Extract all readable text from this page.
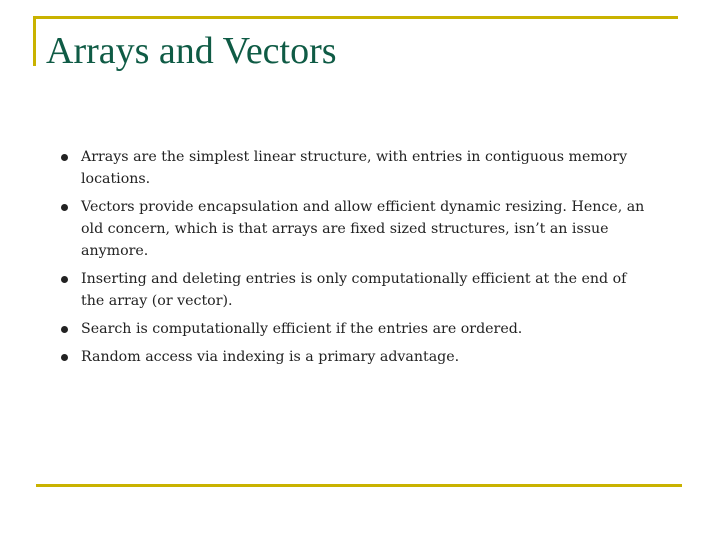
Arrays and Vectors
Arrays are the simplest linear structure, with entries in contiguous memory locations.
Vectors provide encapsulation and allow efficient dynamic resizing. Hence, an old concern, which is that arrays are fixed sized structures, isn’t an issue anymore.
Inserting and deleting entries is only computationally efficient at the end of the array (or vector).
Search is computationally efficient if the entries are ordered.
Random access via indexing is a primary advantage.
